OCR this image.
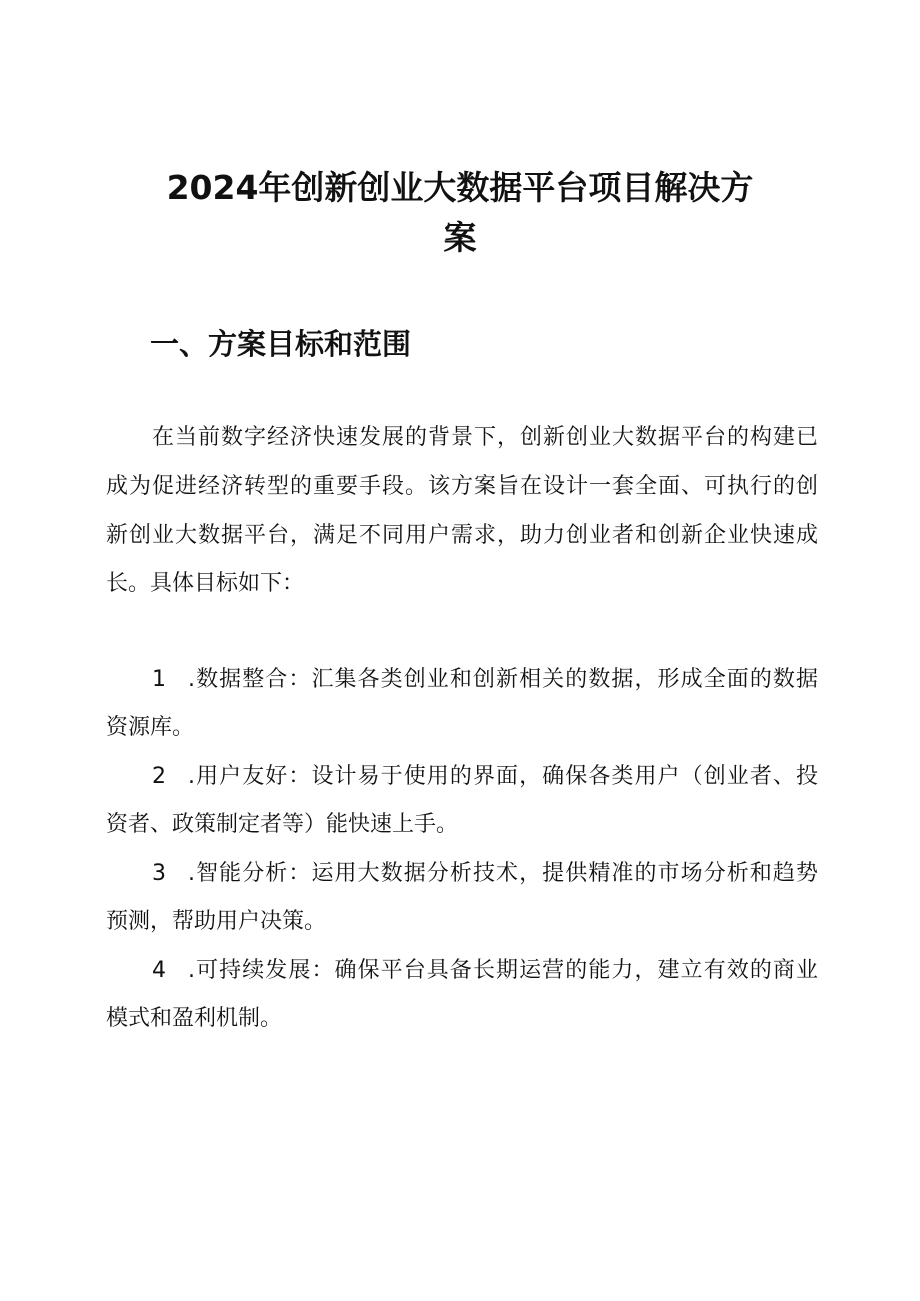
2024年创新创业大数据平台项目解决方
案
一、方案目标和范围

在当前数字经济快速发展的背景下，创新创业大数据平台的构建已

成为促进经济转型的重要手段。该方案旨在设计一套全面、可执行的创

新创业大数据平台，满足不同用户需求，助力创业者和创新企业快速成

长。具体目标如下：

1	.数据整合：汇集各类创业和创新相关的数据，形成全面的数据

资源库。

2	.用户友好：设计易于使用的界面，确保各类用户（创业者、投

资者、政策制定者等）能快速上手。

3	.智能分析：运用大数据分析技术，提供精准的市场分析和趋势

预测，帮助用户决策。

4	.可持续发展：确保平台具备长期运营的能力，建立有效的商业

模式和盈利机制。
